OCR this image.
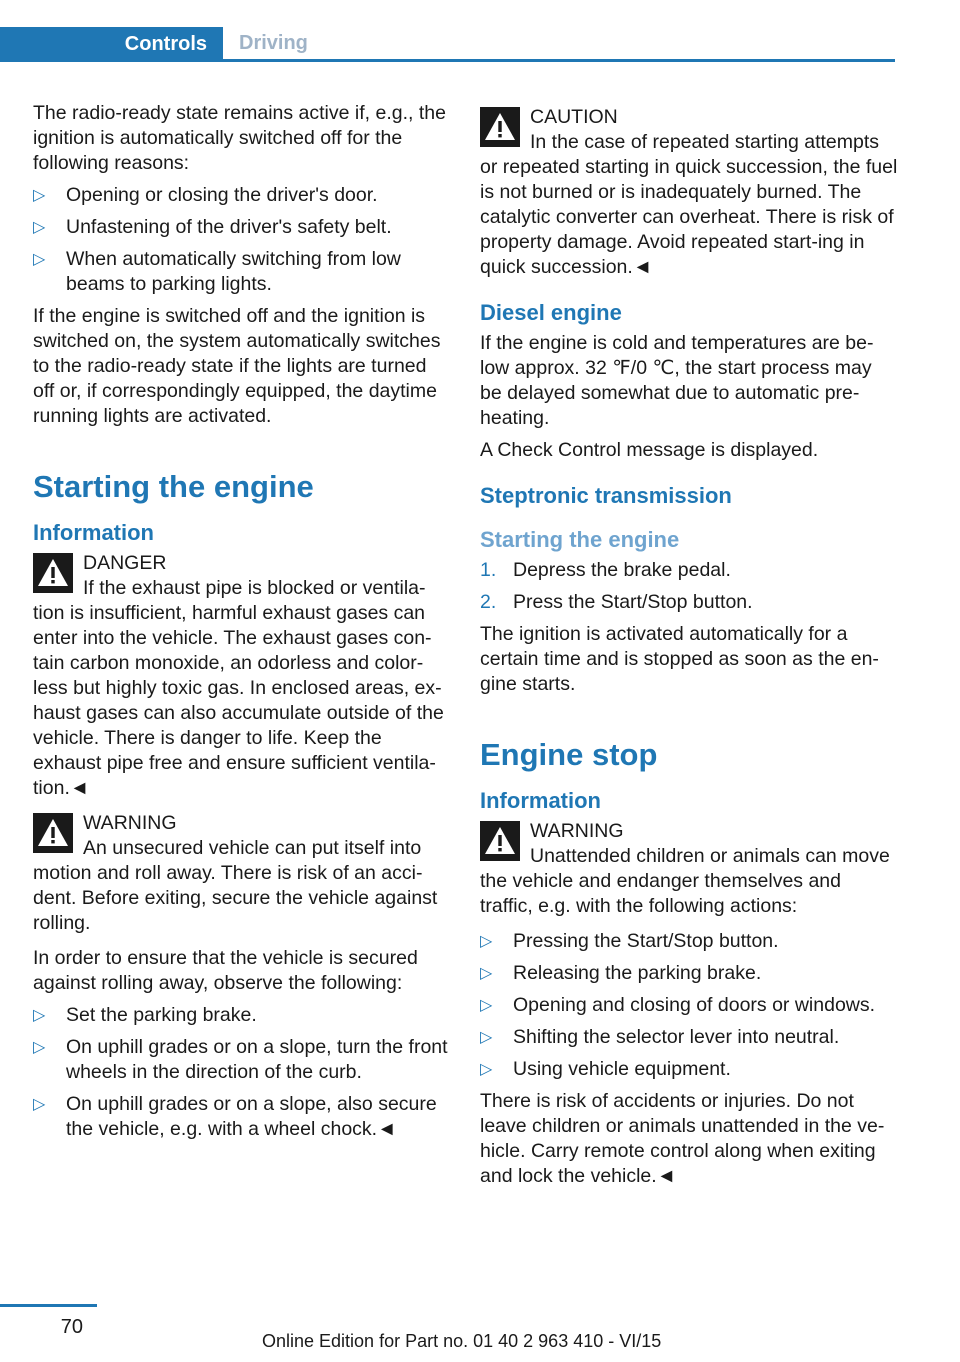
Controls	Driving

The radio-ready state remains active if, e.g., the ignition is automatically switched off for the following reasons:

▷ Opening or closing the driver's door.
▷ Unfastening of the driver's safety belt.
▷ When automatically switching from low beams to parking lights.

If the engine is switched off and the ignition is switched on, the system automatically switches to the radio-ready state if the lights are turned off or, if correspondingly equipped, the daytime running lights are activated.

Starting the engine
Information
DANGER
If the exhaust pipe is blocked or ventila-tion is insufficient, harmful exhaust gases can enter into the vehicle. The exhaust gases con-tain carbon monoxide, an odorless and color-less but highly toxic gas. In enclosed areas, ex-haust gases can also accumulate outside of the vehicle. There is danger to life. Keep the exhaust pipe free and ensure sufficient ventila-tion.◄
WARNING
An unsecured vehicle can put itself into motion and roll away. There is risk of an acci-dent. Before exiting, secure the vehicle against rolling.

In order to ensure that the vehicle is secured against rolling away, observe the following:

▷ Set the parking brake.
▷ On uphill grades or on a slope, turn the front wheels in the direction of the curb.
▷ On uphill grades or on a slope, also secure the vehicle, e.g. with a wheel chock.◄
CAUTION
In the case of repeated starting attempts or repeated starting in quick succession, the fuel is not burned or is inadequately burned. The catalytic converter can overheat. There is risk of property damage. Avoid repeated start-ing in quick succession.◄
Diesel engine

If the engine is cold and temperatures are be-low approx. 32 ℉/0 ℃, the start process may be delayed somewhat due to automatic pre-heating.

A Check Control message is displayed.

Steptronic transmission
Starting the engine
1. Depress the brake pedal.
2. Press the Start/Stop button.

The ignition is activated automatically for a certain time and is stopped as soon as the en-gine starts.

Engine stop
Information
WARNING
Unattended children or animals can move the vehicle and endanger themselves and traffic, e.g. with the following actions:
▷ Pressing the Start/Stop button.
▷ Releasing the parking brake.
▷ Opening and closing of doors or windows.
▷ Shifting the selector lever into neutral.
▷ Using vehicle equipment.

There is risk of accidents or injuries. Do not leave children or animals unattended in the ve-hicle. Carry remote control along when exiting and lock the vehicle.◄

70
Online Edition for Part no. 01 40 2 963 410 - VI/15
